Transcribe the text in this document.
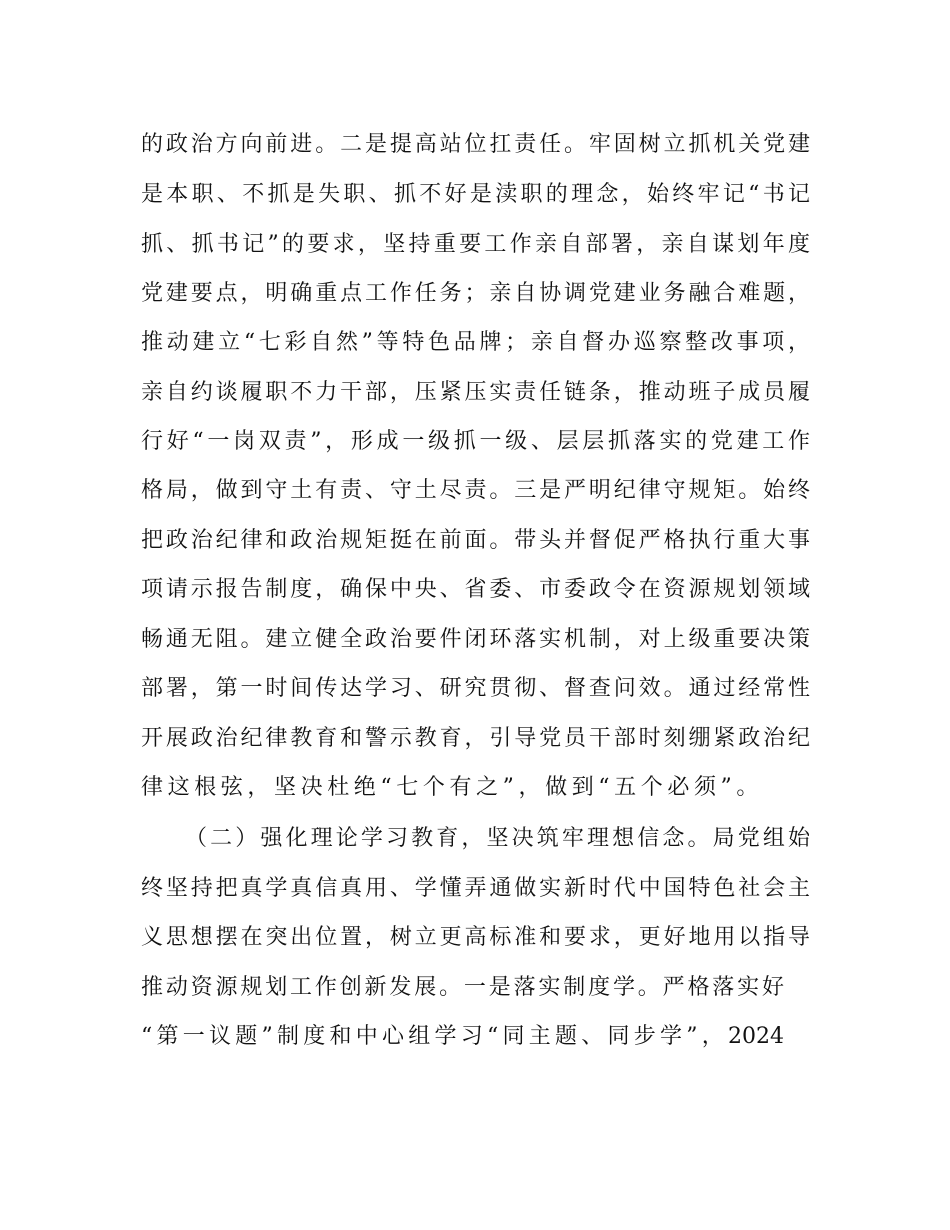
的政治方向前进。二是提高站位扛责任。牢固树立抓机关党建
是本职、不抓是失职、抓不好是渎职的理念，始终牢记“书记
抓、抓书记”的要求，坚持重要工作亲自部署，亲自谋划年度
党建要点，明确重点工作任务；亲自协调党建业务融合难题，
推动建立“七彩自然”等特色品牌；亲自督办巡察整改事项，
亲自约谈履职不力干部，压紧压实责任链条，推动班子成员履
行好“一岗双责”，形成一级抓一级、层层抓落实的党建工作
格局，做到守土有责、守土尽责。三是严明纪律守规矩。始终
把政治纪律和政治规矩挺在前面。带头并督促严格执行重大事
项请示报告制度，确保中央、省委、市委政令在资源规划领域
畅通无阻。建立健全政治要件闭环落实机制，对上级重要决策
部署，第一时间传达学习、研究贯彻、督查问效。通过经常性
开展政治纪律教育和警示教育，引导党员干部时刻绷紧政治纪
律这根弦，坚决杜绝“七个有之”，做到“五个必须”。
（二）强化理论学习教育，坚决筑牢理想信念。局党组始
终坚持把真学真信真用、学懂弄通做实新时代中国特色社会主
义思想摆在突出位置，树立更高标准和要求，更好地用以指导
推动资源规划工作创新发展。一是落实制度学。严格落实好
“第一议题”制度和中心组学习“同主题、同步学”，2024
